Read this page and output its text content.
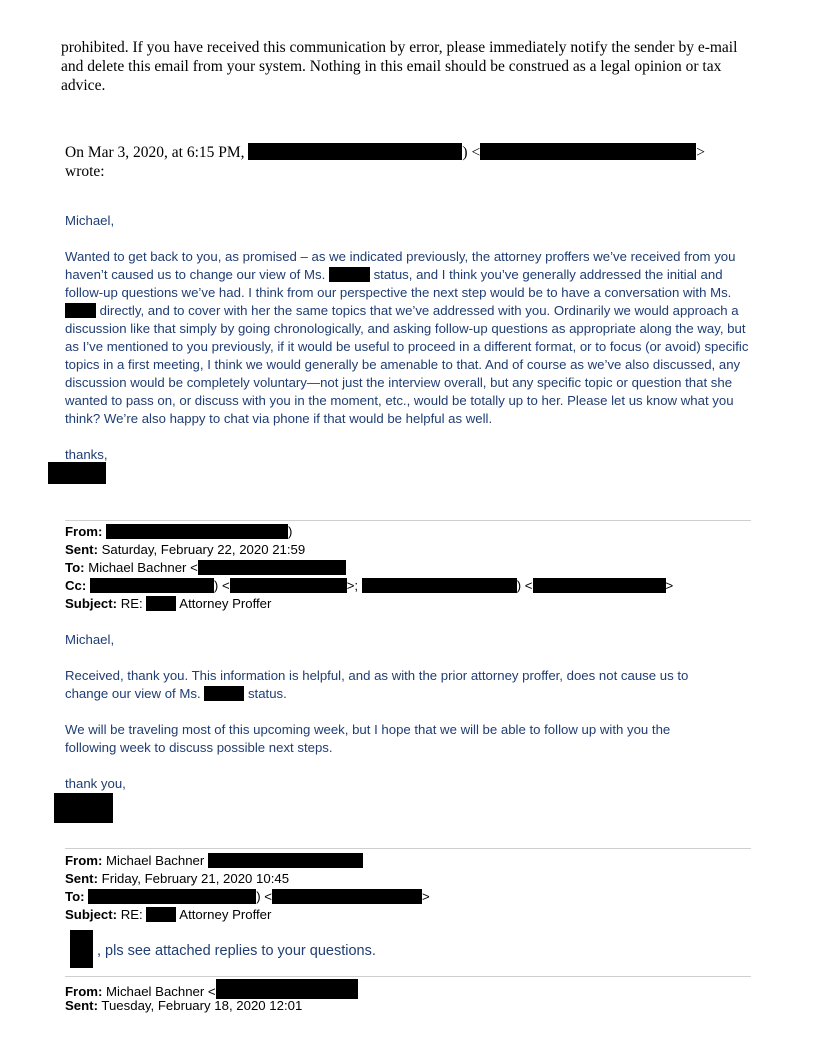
prohibited. If you have received this communication by error, please immediately notify the sender by e-mail and delete this email from your system. Nothing in this email should be construed as a legal opinion or tax advice.
On Mar 3, 2020, at 6:15 PM,	) <	>
wrote:
Michael,
Wanted to get back to you, as promised – as we indicated previously, the attorney proffers we’ve received from you haven’t caused us to change our view of Ms.	status, and I think you’ve generally addressed the initial and follow-up questions we’ve had. I think from our perspective the next step would be to have a conversation with Ms.  directly, and to cover with her the same topics that we’ve addressed with you. Ordinarily we would approach a discussion like that simply by going chronologically, and asking follow-up questions as appropriate along the way, but as I’ve mentioned to you previously, if it would be useful to proceed in a different format, or to focus (or avoid) specific topics in a first meeting, I think we would generally be amenable to that. And of course as we’ve also discussed, any discussion would be completely voluntary—not just the interview overall, but any specific topic or question that she wanted to pass on, or discuss with you in the moment, etc., would be totally up to her. Please let us know what you think? We’re also happy to chat via phone if that would be helpful as well.
thanks,
From:	)
Sent: Saturday, February 22, 2020 21:59
To: Michael Bachner <
Cc:	) <	>;	) <	>
Subject: RE:	Attorney Proffer
Michael,
Received, thank you. This information is helpful, and as with the prior attorney proffer, does not cause us to change our view of Ms.	status.
We will be traveling most of this upcoming week, but I hope that we will be able to follow up with you the following week to discuss possible next steps.
thank you,
From: Michael Bachner
Sent: Friday, February 21, 2020 10:45
To:	) <	>
Subject: RE:	Attorney Proffer
, pls see attached replies to your questions.
From: Michael Bachner <
Sent: Tuesday, February 18, 2020 12:01
